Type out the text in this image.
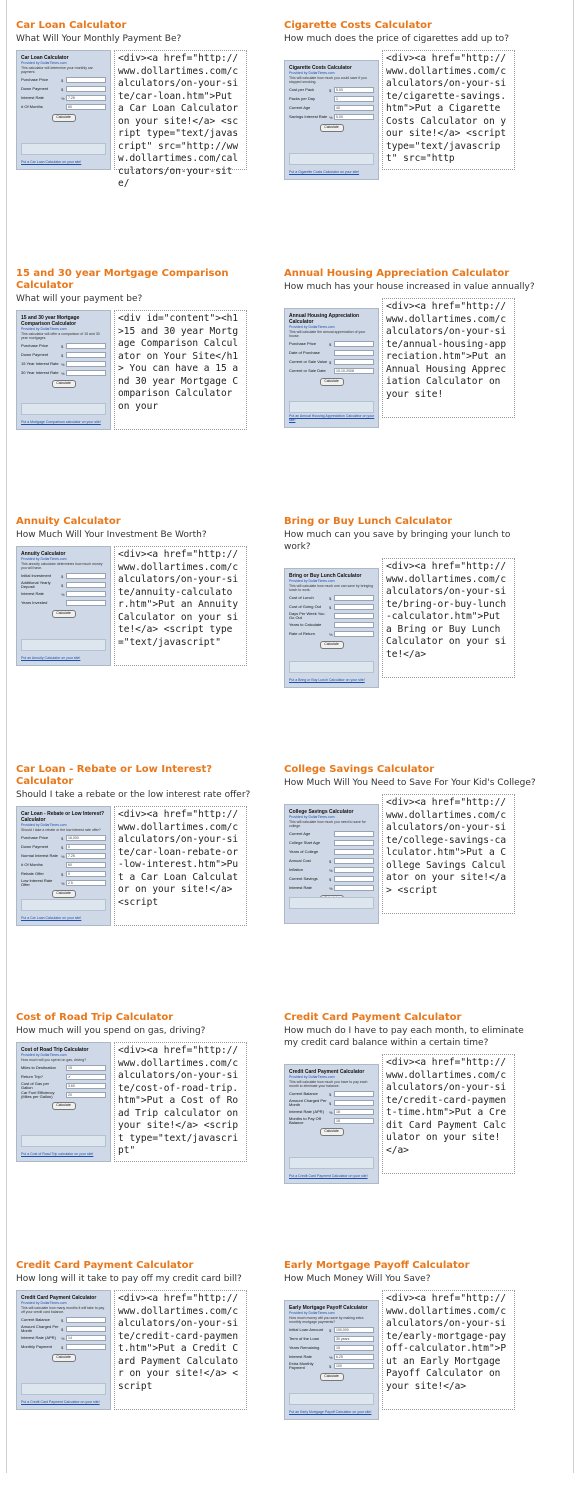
Car Loan Calculator
What Will Your Monthly Payment Be?
Car Loan Calculator
Provided by DollarTimes.com
This calculator will determine your monthly car payment.
Purchase Price	$
Down Payment	$
Interest Rate	% 7.25
# Of Months	60
Calculate
Put a Car Loan Calculator on your site!
<div><a href="http://www.dollartimes.com/calculators/on-your-site/car-loan.htm">Put a Car Loan Calculator on your site!</a> <script type="text/javascript" src="http://www.dollartimes.com/calculators/on-your-site/
Cigarette Costs Calculator
How much does the price of cigarettes add up to?
Cigarette Costs Calculator
Provided by DollarTimes.com
This will calculate how much you could save if you stopped smoking.
Cost per Pack	$	5.00
Packs per Day	1
Current Age	40
Savings Interest Rate % 5.00
Calculate
Put a Cigarette Costs Calculator on your site!
<div><a href="http://www.dollartimes.com/calculators/on-your-site/cigarette-savings.htm">Put a Cigarette Costs Calculator on your site!</a> <script type="text/javascript" src="http
15 and 30 year Mortgage Comparison Calculator
What will your payment be?
15 and 30 year Mortgage Comparison Calculator
Provided by DollarTimes.com
This calculator will offer a comparison of 15 and 30 year mortgages.
Purchase Price	$
Down Payment	$
15 Year Interest Rate %
30 Year Interest Rate %
Calculate
Put a Mortgage Comparison calculator on your site!
<div id="content"><h1>15 and 30 year Mortgage Comparison Calculator on Your Site</h1> You can have a 15 and 30 year Mortgage Comparison Calculator on your
Annual Housing Appreciation Calculator
How much has your house increased in value annually?
Annual Housing Appreciation Calculator
Provided by DollarTimes.com
This will calculate the annual appreciation of your house.
Purchase Price	$
Date of Purchase
Current or Sale Value $
Current or Sale Date	10-10-2008
Calculate
Put an Annual Housing Appreciation Calculator on your site!
<div><a href="http://www.dollartimes.com/calculators/on-your-site/annual-housing-appreciation.htm">Put an Annual Housing Appreciation Calculator on your site!
Annuity Calculator
How Much Will Your Investment Be Worth?
Annuity Calculator
Provided by DollarTimes.com
This annuity calculator determines how much money you will have.
Initial Investment	$
Additional Yearly Deposit	$
Interest Rate	%
Years Invested
Calculate
Put an Annuity Calculator on your site!
<div><a href="http://www.dollartimes.com/calculators/on-your-site/annuity-calculator.htm">Put an Annuity Calculator on your site!</a> <script type="text/javascript"
Bring or Buy Lunch Calculator
How much can you save by bringing your lunch to work?
Bring or Buy Lunch Calculator
Provided by DollarTimes.com
This will calculate how much one can save by bringing lunch to work.
Cost of Lunch	$
Cost of Going Out	$
Days Per Week You Go Out
Years to Calculate
Rate of Return	%
Calculate
Put a Bring or Buy Lunch Calculator on your site!
<div><a href="http://www.dollartimes.com/calculators/on-your-site/bring-or-buy-lunch-calculator.htm">Put a Bring or Buy Lunch Calculator on your site!</a>
Car Loan - Rebate or Low Interest? Calculator
Should I take a rebate or the low interest rate offer?
Car Loan - Rebate or Low Interest? Calculator
Provided by DollarTimes.com
Should I take a rebate or the low interest rate offer?
Purchase Price	$	16,000
Down Payment	$	0
Normal Interest Rate % 7.25
# Of Months	60
Rebate Offer	$	0
Low Interest Rate Offer	% 2.5
Calculate
Put a Car Loan Calculator on your site!
<div><a href="http://www.dollartimes.com/calculators/on-your-site/car-loan-rebate-or-low-interest.htm">Put a Car Loan Calculator on your site!</a> <script
College Savings Calculator
How Much Will You Need to Save For Your Kid's College?
College Savings Calculator
Provided by DollarTimes.com
This will calculate how much you need to save for college.
Current Age
College Start Age
Years of College
Annual Cost	$
Inflation	%
Current Savings	$
Interest Rate	%
<div><a href="http://www.dollartimes.com/calculators/on-your-site/college-savings-calculator.htm">Put a College Savings Calculator on your site!</a> <script
Cost of Road Trip Calculator
How much will you spend on gas, driving?
Cost of Road Trip Calculator
Provided by DollarTimes.com
How much will you spend on gas, driving?
Miles to Destination	15
Return Trip?	✔
Cost of Gas per Gallon	3.60
Car Fuel Efficiency (Miles per Gallon)	20
Calculate
Put a Cost of Road Trip calculator on your site!
<div><a href="http://www.dollartimes.com/calculators/on-your-site/cost-of-road-trip.htm">Put a Cost of Road Trip calculator on your site!</a> <script type="text/javascript"
Credit Card Payment Calculator
How much do I have to pay each month, to eliminate my credit card balance within a certain time?
Credit Card Payment Calculator
Provided by DollarTimes.com
This will calculate how much you have to pay each month to eliminate your balance.
Current Balance	$
Amount Charged Per Month	$
Interest Rate (APR)	% 18
Months to Pay Off Balance	18
Calculate
Put a Credit Card Payment Calculator on your site!
<div><a href="http://www.dollartimes.com/calculators/on-your-site/credit-card-payment-time.htm">Put a Credit Card Payment Calculator on your site!</a>
Credit Card Payment Calculator
How long will it take to pay off my credit card bill?
Credit Card Payment Calculator
Provided by DollarTimes.com
This will calculate how many months it will take to pay off your credit card balance.
Current Balance	$
Amount Charged Per Month	$
Interest Rate (APR)	% 14
Monthly Payment	$
Calculate
Put a Credit Card Payment Calculator on your site!
<div><a href="http://www.dollartimes.com/calculators/on-your-site/credit-card-payment.htm">Put a Credit Card Payment Calculator on your site!</a> <script
Early Mortgage Payoff Calculator
How Much Money Will You Save?
Early Mortgage Payoff Calculator
Provided by DollarTimes.com
How much money will you save by making extra monthly mortgage payments?
Initial Loan Amount	$	100,000
Term of the Loan	30 years
Years Remaining	15
Interest Rate	% 6.25
Extra Monthly Payment	$	100
Calculate
Put an Early Mortgage Payoff Calculator on your site!
<div><a href="http://www.dollartimes.com/calculators/on-your-site/early-mortgage-payoff-calculator.htm">Put an Early Mortgage Payoff Calculator on your site!</a>
